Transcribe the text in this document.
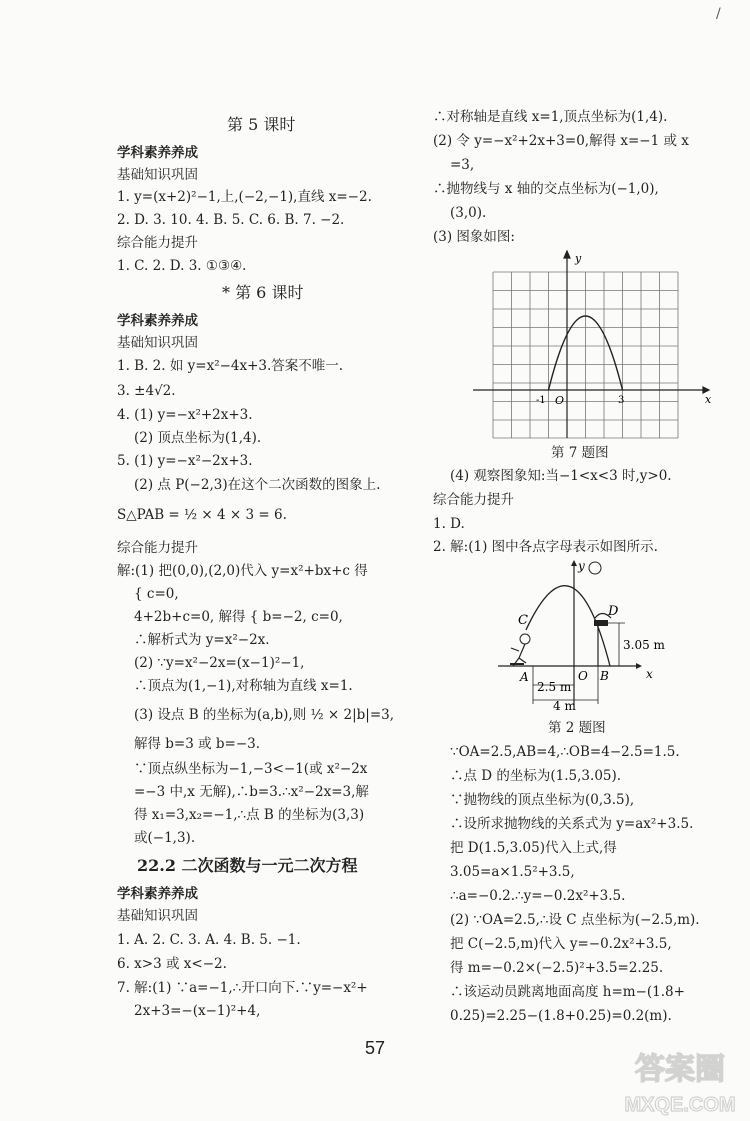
/
第 5 课时
学科素养养成
基础知识巩固
1. y=(x+2)²−1,上,(−2,−1),直线 x=−2.
2. D. 3. 10. 4. B. 5. C. 6. B. 7. −2.
综合能力提升
1. C. 2. D. 3. ①③④.
* 第 6 课时
学科素养养成
基础知识巩固
1. B. 2. 如 y=x²−4x+3.答案不唯一.
3. ±4√2.
4. (1) y=−x²+2x+3.
(2) 顶点坐标为(1,4).
5. (1) y=−x²−2x+3.
(2) 点 P(−2,3)在这个二次函数的图象上.
S△PAB = ½ × 4 × 3 = 6.
综合能力提升
解:(1) 把(0,0),(2,0)代入 y=x²+bx+c 得
{ c=0,
4+2b+c=0, 解得 { b=−2, c=0,
∴解析式为 y=x²−2x.
(2) ∵y=x²−2x=(x−1)²−1,
∴顶点为(1,−1),对称轴为直线 x=1.
(3) 设点 B 的坐标为(a,b),则 ½ × 2|b|=3,
解得 b=3 或 b=−3.
∵顶点纵坐标为−1,−3<−1(或 x²−2x
=−3 中,x 无解),∴b=3.∴x²−2x=3,解
得 x₁=3,x₂=−1,∴点 B 的坐标为(3,3)
或(−1,3).
22.2 二次函数与一元二次方程
学科素养养成
基础知识巩固
1. A. 2. C. 3. A. 4. B. 5. −1.
6. x>3 或 x<−2.
7. 解:(1) ∵a=−1,∴开口向下.∵y=−x²+
2x+3=−(x−1)²+4,
∴对称轴是直线 x=1,顶点坐标为(1,4).
(2) 令 y=−x²+2x+3=0,解得 x=−1 或 x
=3,
∴抛物线与 x 轴的交点坐标为(−1,0),
(3,0).
(3) 图象如图:
y
x
O
-1	3
第 7 题图
(4) 观察图象知:当−1<x<3 时,y>0.
综合能力提升
1. D.
2. 解:(1) 图中各点字母表示如图所示.
C
D
A	O B
y
x
3.05 m
2.5 m
4 m
第 2 题图
∵OA=2.5,AB=4,∴OB=4−2.5=1.5.
∴点 D 的坐标为(1.5,3.05).
∵抛物线的顶点坐标为(0,3.5),
∴设所求抛物线的关系式为 y=ax²+3.5.
把 D(1.5,3.05)代入上式,得
3.05=a×1.5²+3.5,
∴a=−0.2.∴y=−0.2x²+3.5.
(2) ∵OA=2.5,∴设 C 点坐标为(−2.5,m).
把 C(−2.5,m)代入 y=−0.2x²+3.5,
得 m=−0.2×(−2.5)²+3.5=2.25.
∴该运动员跳离地面高度 h=m−(1.8+
0.25)=2.25−(1.8+0.25)=0.2(m).
57
答案圈
MXQE.COM
